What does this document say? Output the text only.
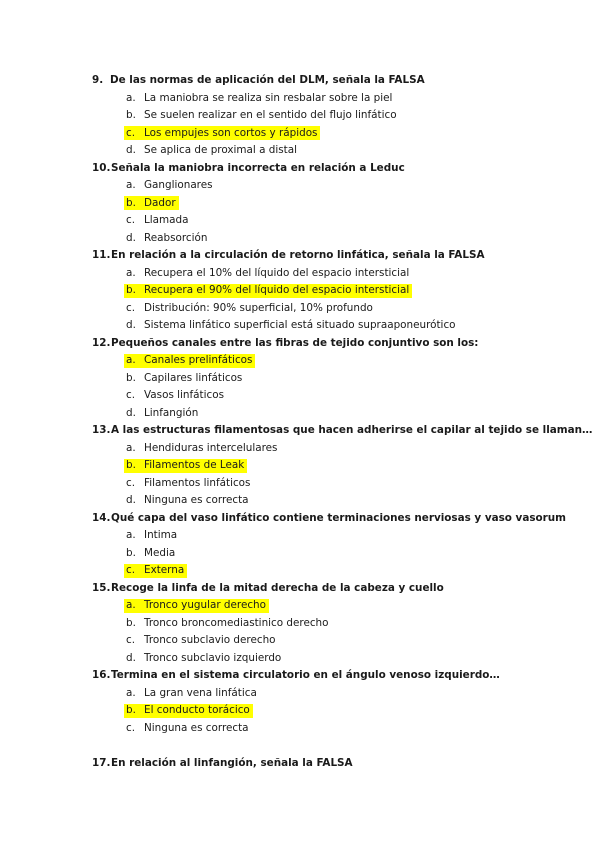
9. De las normas de aplicación del DLM, señala la FALSA
a. La maniobra se realiza sin resbalar sobre la piel
b. Se suelen realizar en el sentido del flujo linfático
c. Los empujes son cortos y rápidos
d. Se aplica de proximal a distal
10. Señala la maniobra incorrecta en relación a Leduc
a. Ganglionares
b. Dador
c. Llamada
d. Reabsorción
11. En relación a la circulación de retorno linfática, señala la FALSA
a. Recupera el 10% del líquido del espacio intersticial
b. Recupera el 90% del líquido del espacio intersticial
c. Distribución: 90% superficial, 10% profundo
d. Sistema linfático superficial está situado supraaponeurótico
12. Pequeños canales entre las fibras de tejido conjuntivo son los:
a. Canales prelinfáticos
b. Capilares linfáticos
c. Vasos linfáticos
d. Linfangión
13. A las estructuras filamentosas que hacen adherirse el capilar al tejido se llaman…
a. Hendiduras intercelulares
b. Filamentos de Leak
c. Filamentos linfáticos
d. Ninguna es correcta
14. Qué capa del vaso linfático contiene terminaciones nerviosas y vaso vasorum
a. Intima
b. Media
c. Externa
15. Recoge la linfa de la mitad derecha de la cabeza y cuello
a. Tronco yugular derecho
b. Tronco broncomediastinico derecho
c. Tronco subclavio derecho
d. Tronco subclavio izquierdo
16. Termina en el sistema circulatorio en el ángulo venoso izquierdo…
a. La gran vena linfática
b. El conducto torácico
c. Ninguna es correcta
17. En relación al linfangión, señala la FALSA
